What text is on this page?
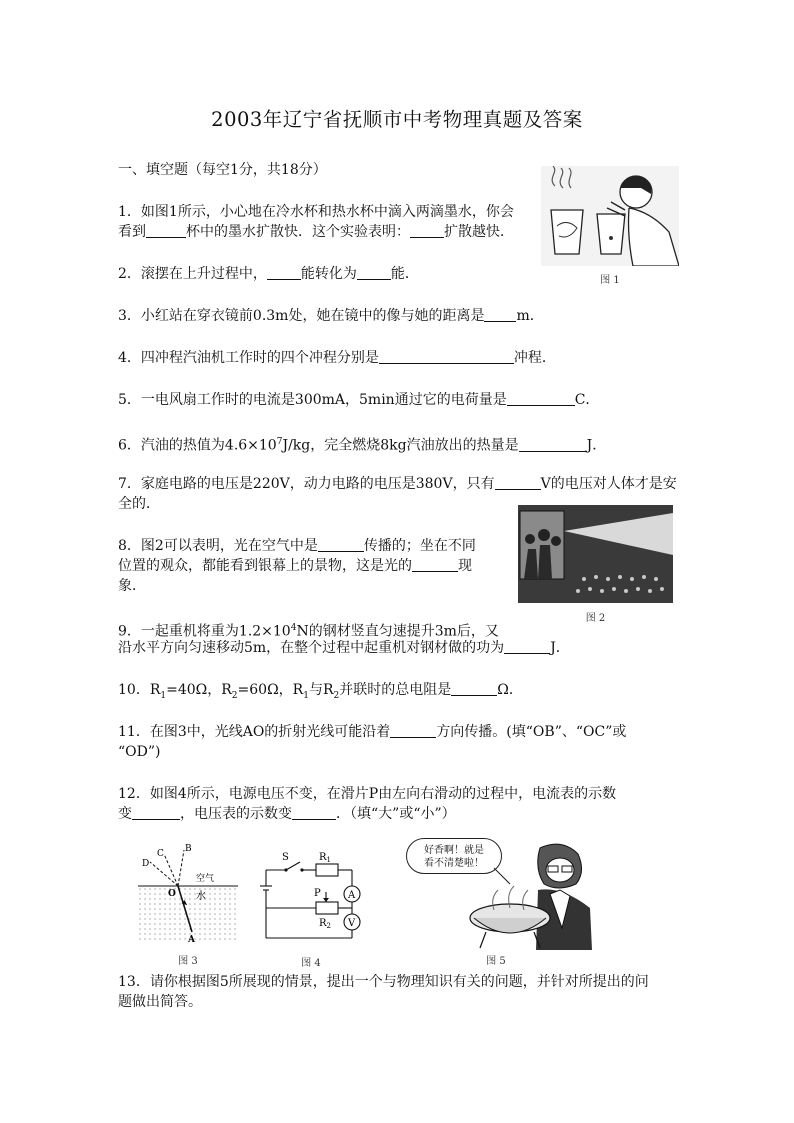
2003年辽宁省抚顺市中考物理真题及答案
一、填空题（每空1分，共18分）
1．如图1所示，小心地在冷水杯和热水杯中滴入两滴墨水，你会
看到	杯中的墨水扩散快．这个实验表明： 扩散越快．
2．滚摆在上升过程中， 能转化为 能．
3．小红站在穿衣镜前0.3m处，她在镜中的像与她的距离是 m．
4．四冲程汽油机工作时的四个冲程分别是	冲程．
5．一电风扇工作时的电流是300mA，5min通过它的电荷量是	C．
6．汽油的热值为$4.6\times 10^7J/kg$，完全燃烧8kg汽油放出的热量是	J．
7．家庭电路的电压是220V，动力电路的电压是380V，只有	V的电压对人体才是安
全的．
8．图2可以表明，光在空气中是	传播的；坐在不同
位置的观众，都能看到银幕上的景物，这是光的	现
象．
9．一起重机将重为$1.2\times 10^4N$的钢材竖直匀速提升3m后，又
沿水平方向匀速移动5m，在整个过程中起重机对钢材做的功为	J．
10．$R_1=40\Omega$，$R_2=60\Omega$，$R_1$与$R_2$并联时的总电阻是	Ω．
11．在图3中，光线AO的折射光线可能沿着	方向传播。(填“OB”、“OC”或
“OD”)
12．如图4所示，电源电压不变，在滑片P由左向右滑动的过程中，电流表的示数
变	，电压表的示数变	．（填“大”或“小”）
13．请你根据图5所展现的情景，提出一个与物理知识有关的问题，并针对所提出的问
题做出简答。
图 1
图 2
D
C B
O
A
空气
水
图 3
S	$R_1$
P
$R_2$
A
V
图 4
好香啊！就是
看不清楚啦！
图 5
